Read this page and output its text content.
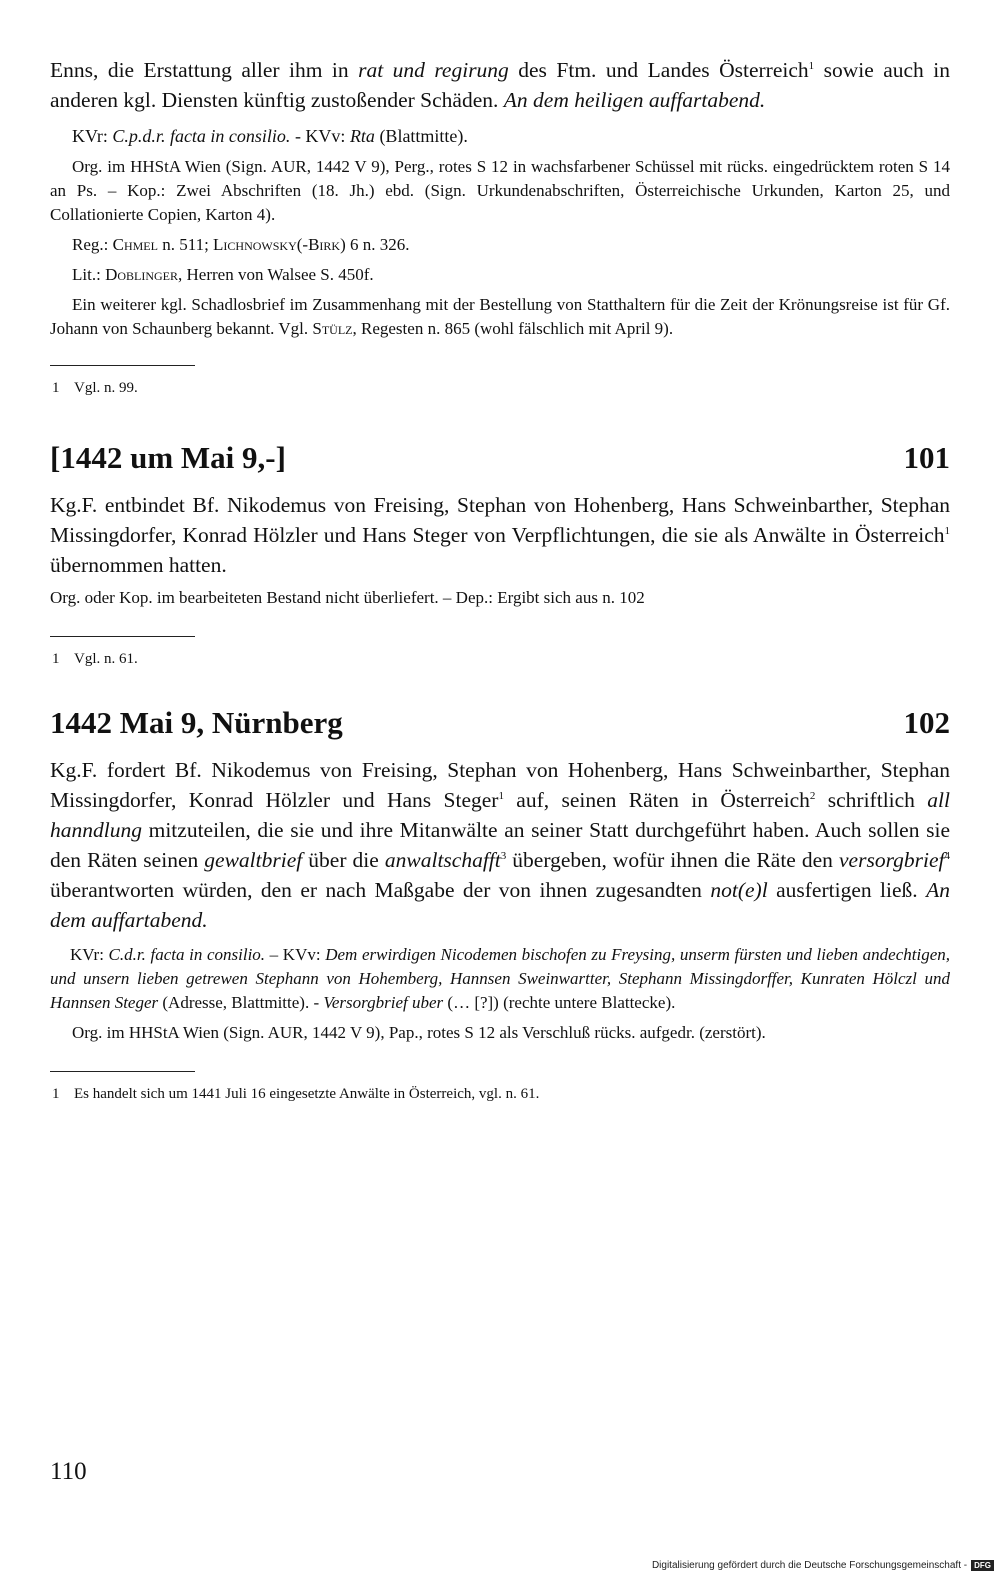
Enns, die Erstattung aller ihm in rat und regirung des Ftm. und Landes Österreich$^1$ sowie auch in anderen kgl. Diensten künftig zustoßender Schäden. An dem heiligen auffartabend.

KVr: C.p.d.r. facta in consilio. - KVv: Rta (Blattmitte).

Org. im HHStA Wien (Sign. AUR, 1442 V 9), Perg., rotes S 12 in wachsfarbener Schüssel mit rücks. eingedrücktem roten S 14 an Ps. – Kop.: Zwei Abschriften (18. Jh.) ebd. (Sign. Urkundenabschriften, Österreichische Urkunden, Karton 25, und Collationierte Copien, Karton 4).

Reg.: Chmel n. 511; Lichnowsky(-Birk) 6 n. 326.

Lit.: Doblinger, Herren von Walsee S. 450f.

Ein weiterer kgl. Schadlosbrief im Zusammenhang mit der Bestellung von Statthaltern für die Zeit der Krönungsreise ist für Gf. Johann von Schaunberg bekannt. Vgl. Stülz, Regesten n. 865 (wohl fälschlich mit April 9).

1 Vgl. n. 99.

[1442 um Mai 9,-]	101

Kg.F. entbindet Bf. Nikodemus von Freising, Stephan von Hohenberg, Hans Schweinbarther, Stephan Missingdorfer, Konrad Hölzler und Hans Steger von Verpflichtungen, die sie als Anwälte in Österreich$^1$ übernommen hatten.

Org. oder Kop. im bearbeiteten Bestand nicht überliefert. – Dep.: Ergibt sich aus n. 102

1 Vgl. n. 61.

1442 Mai 9, Nürnberg	102

Kg.F. fordert Bf. Nikodemus von Freising, Stephan von Hohenberg, Hans Schweinbarther, Stephan Missingdorfer, Konrad Hölzler und Hans Steger$^1$ auf, seinen Räten in Österreich$^2$ schriftlich all hanndlung mitzuteilen, die sie und ihre Mitanwälte an seiner Statt durchgeführt haben. Auch sollen sie den Räten seinen gewaltbrief über die anwaltschafft$^3$ übergeben, wofür ihnen die Räte den versorgbrief$^4$ überantworten würden, den er nach Maßgabe der von ihnen zugesandten not(e)l ausfertigen ließ. An dem auffartabend.

KVr: C.d.r. facta in consilio. – KVv: Dem erwirdigen Nicodemen bischofen zu Freysing, unserm fürsten und lieben andechtigen, und unsern lieben getrewen Stephann von Hohemberg, Hannsen Sweinwartter, Stephann Missingdorffer, Kunraten Hölczl und Hannsen Steger (Adresse, Blattmitte). - Versorgbrief uber (… [?]) (rechte untere Blattecke).

Org. im HHStA Wien (Sign. AUR, 1442 V 9), Pap., rotes S 12 als Verschluß rücks. aufgedr. (zerstört).

1 Es handelt sich um 1441 Juli 16 eingesetzte Anwälte in Österreich, vgl. n. 61.

110
Digitalisierung gefördert durch die Deutsche Forschungsgemeinschaft - DFG
